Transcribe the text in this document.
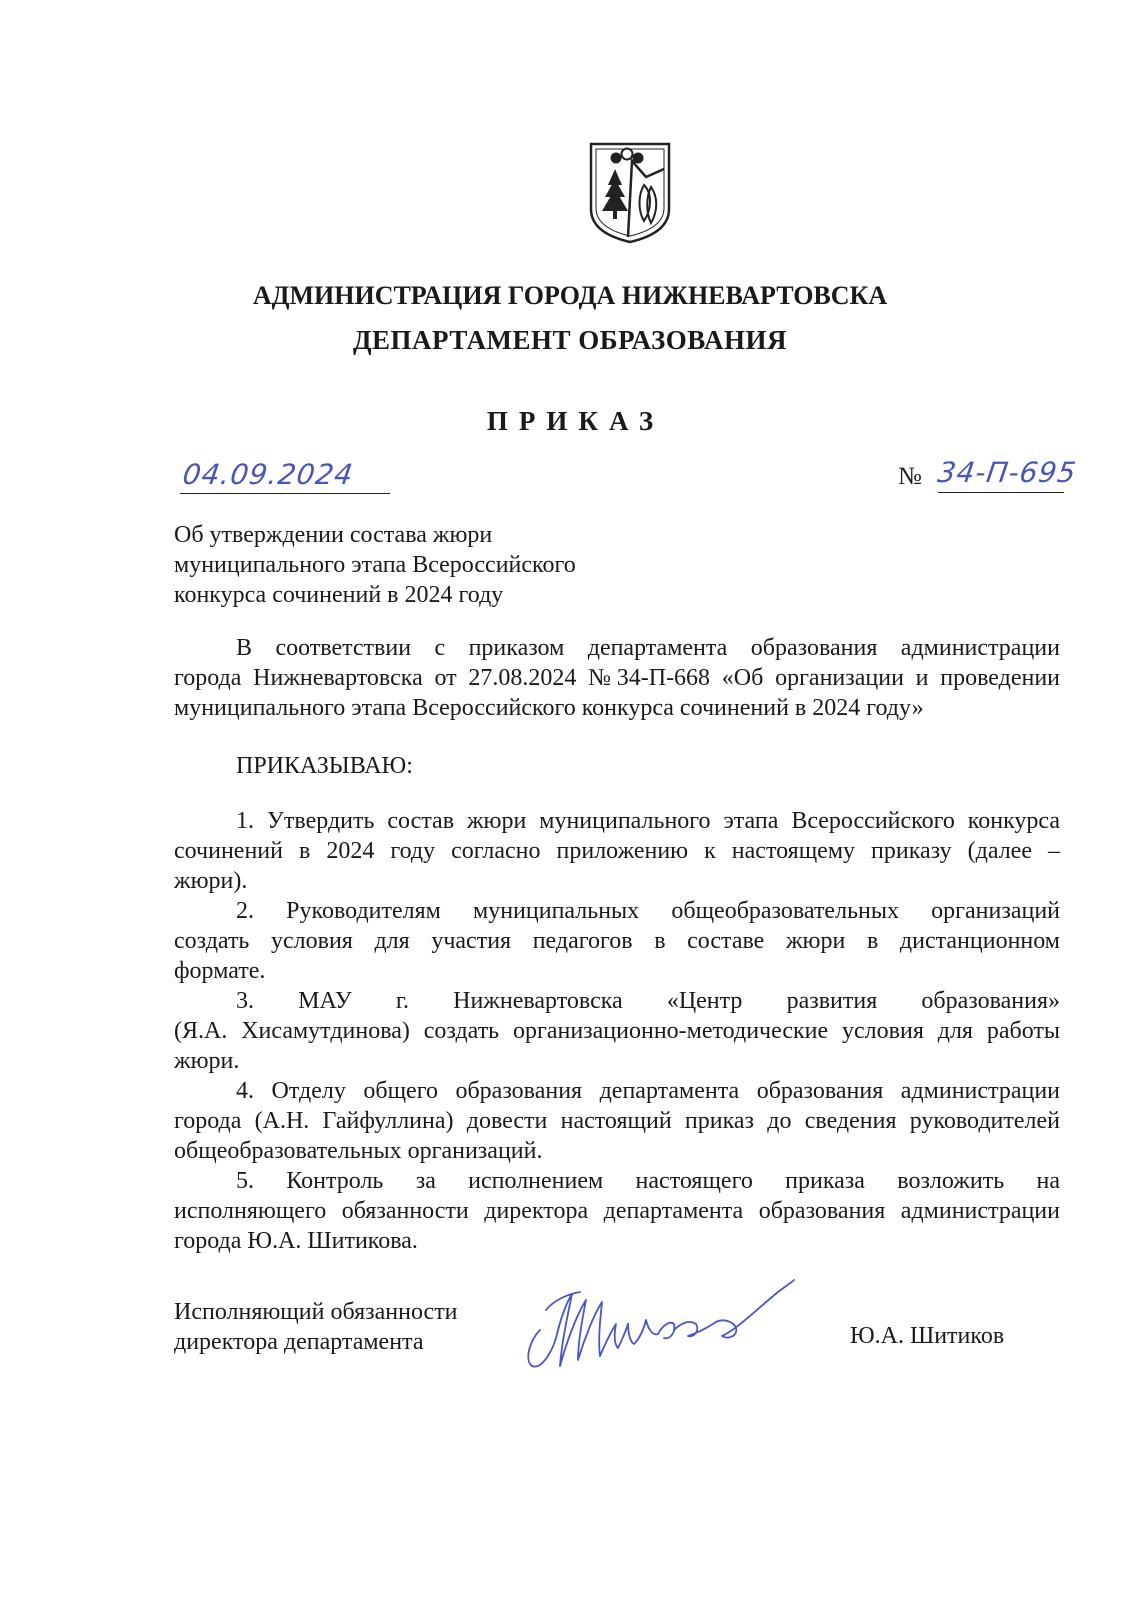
АДМИНИСТРАЦИЯ ГОРОДА НИЖНЕВАРТОВСКА
ДЕПАРТАМЕНТ ОБРАЗОВАНИЯ
ПРИКАЗ
04.09.2024	№ 34-П-695
Об утверждении состава жюри
муниципального этапа Всероссийского
конкурса сочинений в 2024 году
В соответствии с приказом департамента образования администрации
города Нижневартовска от 27.08.2024 №34-П-668 «Об организации и проведении
муниципального этапа Всероссийского конкурса сочинений в 2024 году»
ПРИКАЗЫВАЮ:
1. Утвердить состав жюри муниципального этапа Всероссийского конкурса
сочинений в 2024 году согласно приложению к настоящему приказу (далее –
жюри).
2. Руководителям муниципальных общеобразовательных организаций
создать условия для участия педагогов в составе жюри в дистанционном
формате.
3. МАУ г. Нижневартовска «Центр развития образования»
(Я.А. Хисамутдинова) создать организационно-методические условия для работы
жюри.
4. Отделу общего образования департамента образования администрации
города (А.Н. Гайфуллина) довести настоящий приказ до сведения руководителей
общеобразовательных организаций.
5. Контроль за исполнением настоящего приказа возложить на
исполняющего обязанности директора департамента образования администрации
города Ю.А. Шитикова.
Исполняющий обязанности
директора департамента	Ю.А. Шитиков
